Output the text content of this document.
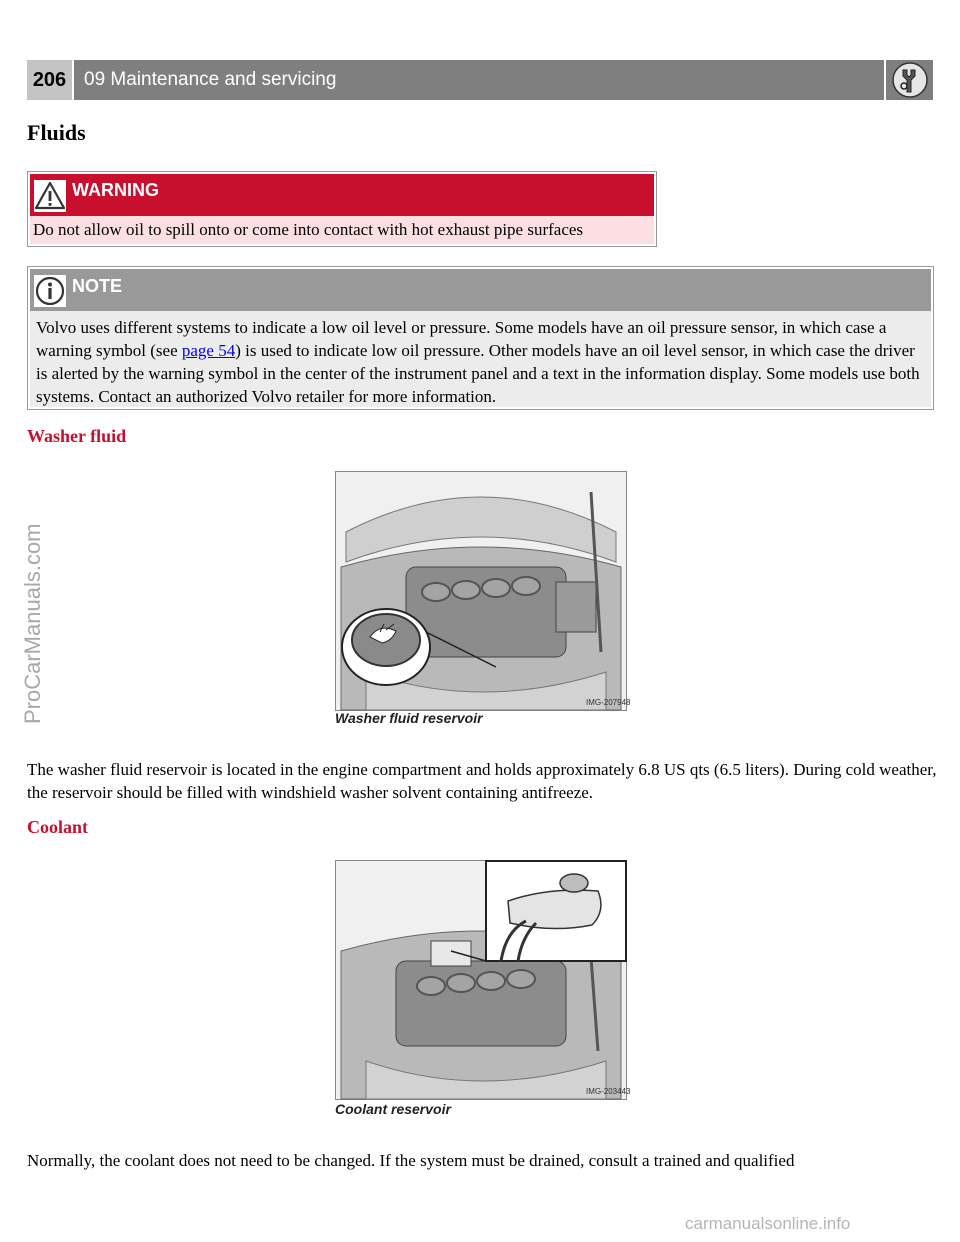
206 09 Maintenance and servicing
Fluids
WARNING
Do not allow oil to spill onto or come into contact with hot exhaust pipe surfaces
NOTE
Volvo uses different systems to indicate a low oil level or pressure. Some models have an oil pressure sensor, in which case a warning symbol (see page 54) is used to indicate low oil pressure. Other models have an oil level sensor, in which case the driver is alerted by the warning symbol in the center of the instrument panel and a text in the information display. Some models use both systems. Contact an authorized Volvo retailer for more information.
Washer fluid
IMG-207948
Washer fluid reservoir

The washer fluid reservoir is located in the engine compartment and holds approximately 6.8 US qts (6.5 liters). During cold weather, the reservoir should be filled with windshield washer solvent containing antifreeze.

Coolant
IMG-203443
Coolant reservoir

Normally, the coolant does not need to be changed. If the system must be drained, consult a trained and qualified

ProCarManuals.com
carmanualsonline.info
